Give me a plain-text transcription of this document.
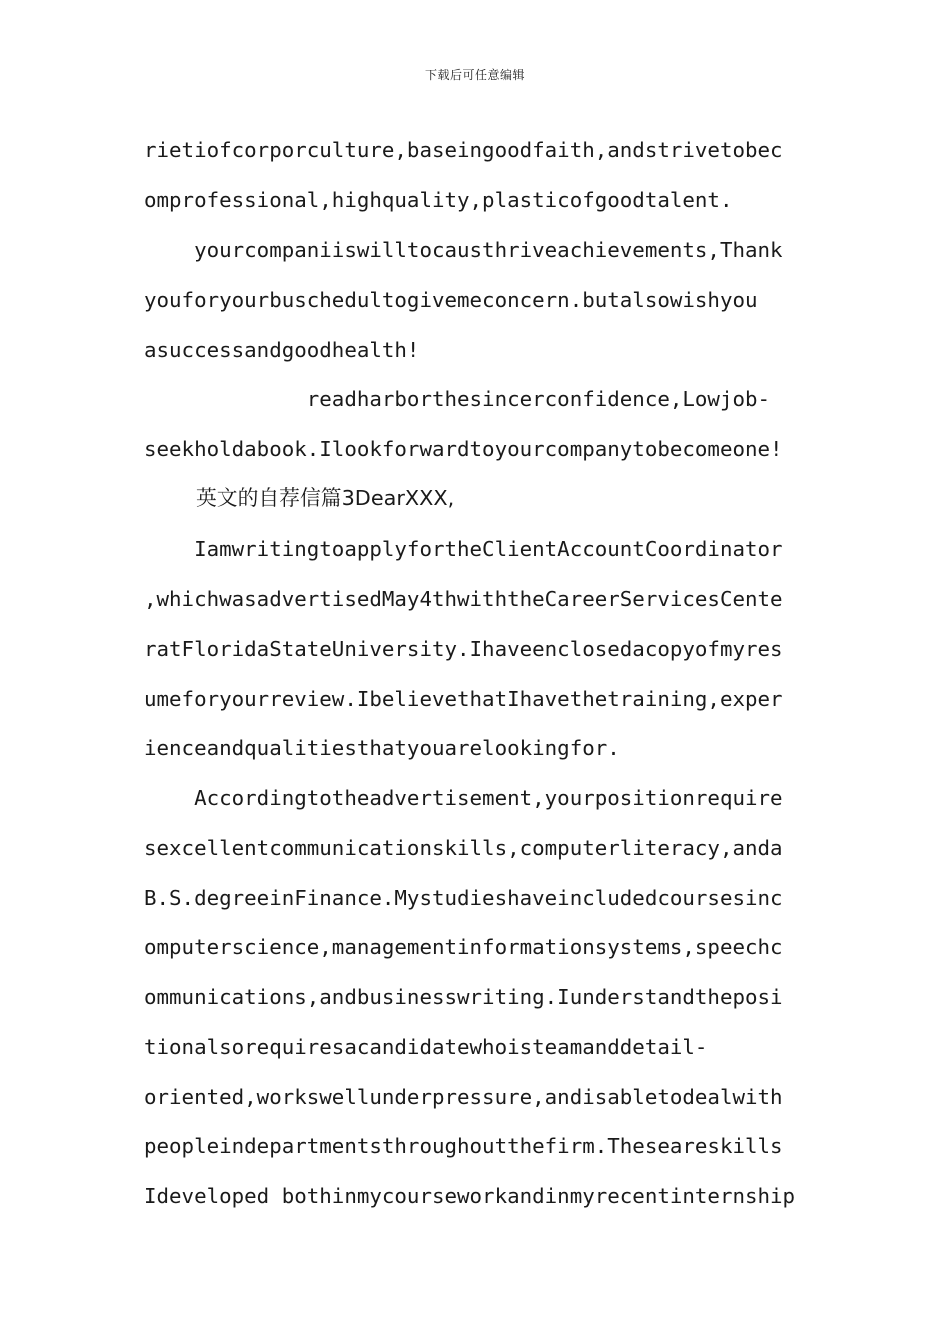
下载后可任意编辑
rietiofcorporculture,baseingoodfaith,andstrivetobec
omprofessional,highquality,plasticofgoodtalent.
yourcompaniiswilltocausthriveachievements,Thank
youforyourbuschedultogivemeconcern.butalsowishyou
asuccessandgoodhealth!
readharborthesincerconfidence,Lowjob-
seekholdabook.Ilookforwardtoyourcompanytobecomeone!
英文的自荐信篇3DearXXX,
IamwritingtoapplyfortheClientAccountCoordinator
,whichwasadvertisedMay4thwiththeCareerServicesCente
ratFloridaStateUniversity.Ihaveenclosedacopyofmyres
umeforyourreview.IbelievethatIhavethetraining,exper
ienceandqualitiesthatyouarelookingfor.
Accordingtotheadvertisement,yourpositionrequire
sexcellentcommunicationskills,computerliteracy,anda
B.S.degreeinFinance.Mystudieshaveincludedcoursesinc
omputerscience,managementinformationsystems,speechc
ommunications,andbusinesswriting.Iunderstandtheposi
tionalsorequiresacandidatewhoisteamanddetail-
oriented,workswellunderpressure,andisabletodealwith
peopleindepartmentsthroughoutthefirm.Theseareskills
Ideveloped bothinmycourseworkandinmyrecentinternship
